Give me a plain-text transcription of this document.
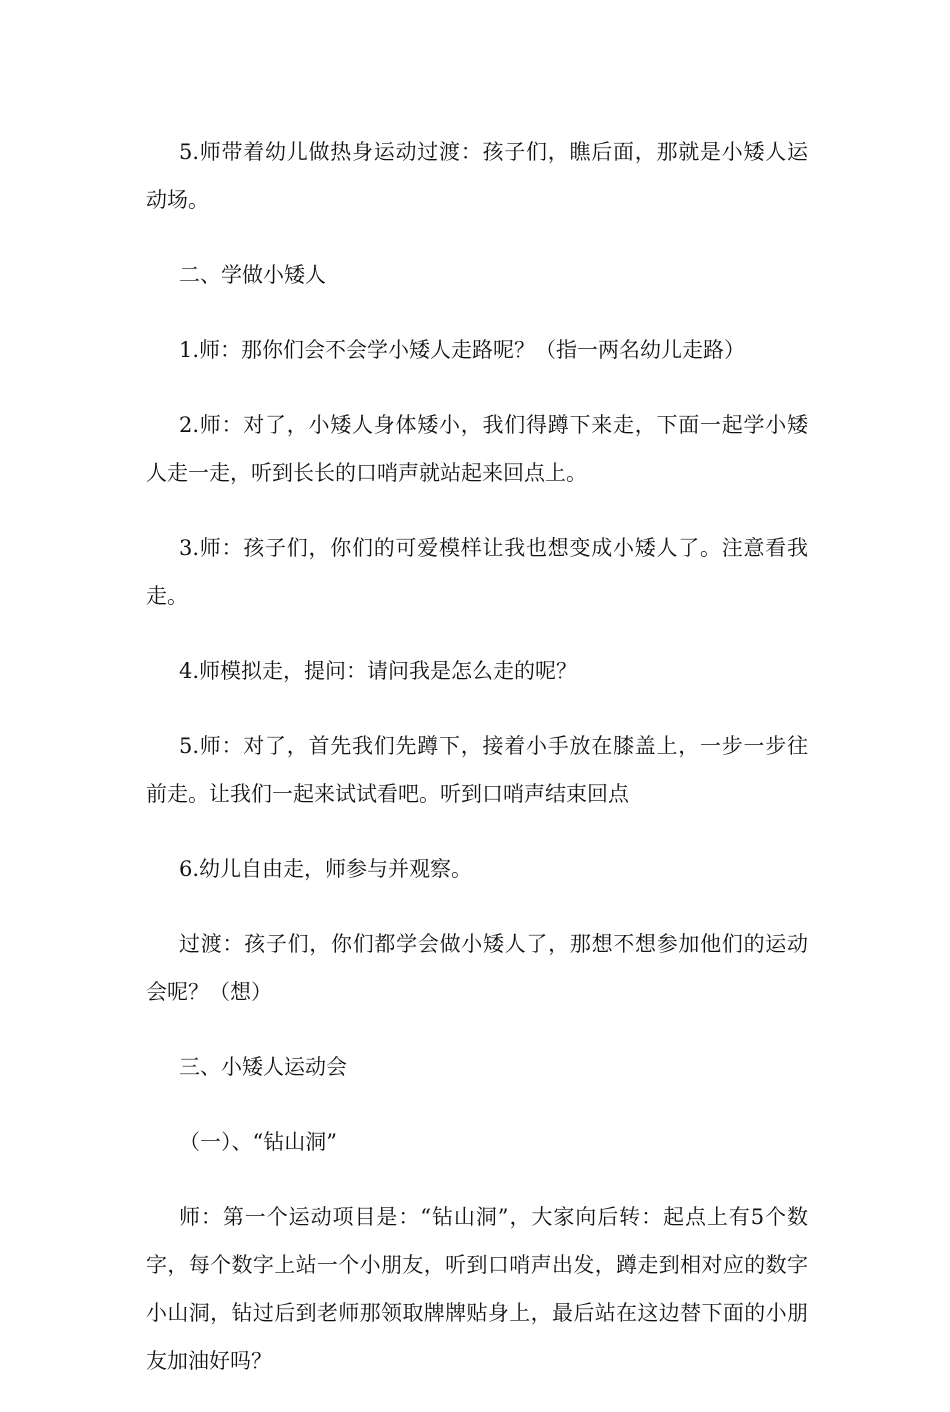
5.师带着幼儿做热身运动过渡：孩子们，瞧后面，那就是小矮人运动场。

二、学做小矮人

1.师：那你们会不会学小矮人走路呢？（指一两名幼儿走路）

2.师：对了，小矮人身体矮小，我们得蹲下来走，下面一起学小矮人走一走，听到长长的口哨声就站起来回点上。

3.师：孩子们，你们的可爱模样让我也想变成小矮人了。注意看我走。

4.师模拟走，提问：请问我是怎么走的呢？

5.师：对了，首先我们先蹲下，接着小手放在膝盖上，一步一步往前走。让我们一起来试试看吧。听到口哨声结束回点

6.幼儿自由走，师参与并观察。

过渡：孩子们，你们都学会做小矮人了，那想不想参加他们的运动会呢？（想）

三、小矮人运动会

（一）、“钻山洞”

师：第一个运动项目是：“钻山洞”，大家向后转：起点上有5个数字，每个数字上站一个小朋友，听到口哨声出发，蹲走到相对应的数字小山洞，钻过后到老师那领取牌牌贴身上，最后站在这边替下面的小朋友加油好吗？
